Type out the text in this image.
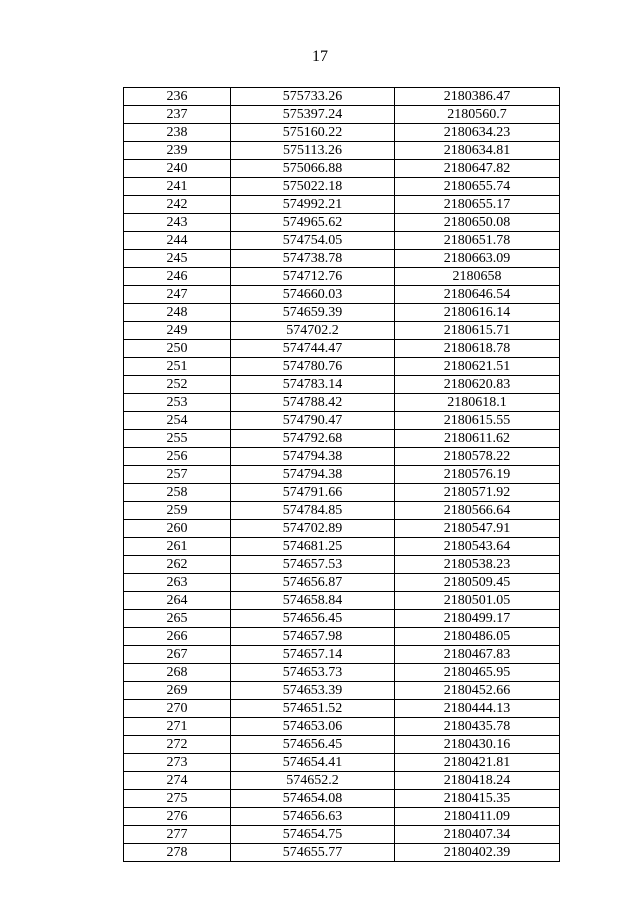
17
236	575733.26	2180386.47
237	575397.24	2180560.7
238	575160.22	2180634.23
239	575113.26	2180634.81
240	575066.88	2180647.82
241	575022.18	2180655.74
242	574992.21	2180655.17
243	574965.62	2180650.08
244	574754.05	2180651.78
245	574738.78	2180663.09
246	574712.76	2180658
247	574660.03	2180646.54
248	574659.39	2180616.14
249	574702.2	2180615.71
250	574744.47	2180618.78
251	574780.76	2180621.51
252	574783.14	2180620.83
253	574788.42	2180618.1
254	574790.47	2180615.55
255	574792.68	2180611.62
256	574794.38	2180578.22
257	574794.38	2180576.19
258	574791.66	2180571.92
259	574784.85	2180566.64
260	574702.89	2180547.91
261	574681.25	2180543.64
262	574657.53	2180538.23
263	574656.87	2180509.45
264	574658.84	2180501.05
265	574656.45	2180499.17
266	574657.98	2180486.05
267	574657.14	2180467.83
268	574653.73	2180465.95
269	574653.39	2180452.66
270	574651.52	2180444.13
271	574653.06	2180435.78
272	574656.45	2180430.16
273	574654.41	2180421.81
274	574652.2	2180418.24
275	574654.08	2180415.35
276	574656.63	2180411.09
277	574654.75	2180407.34
278	574655.77	2180402.39
